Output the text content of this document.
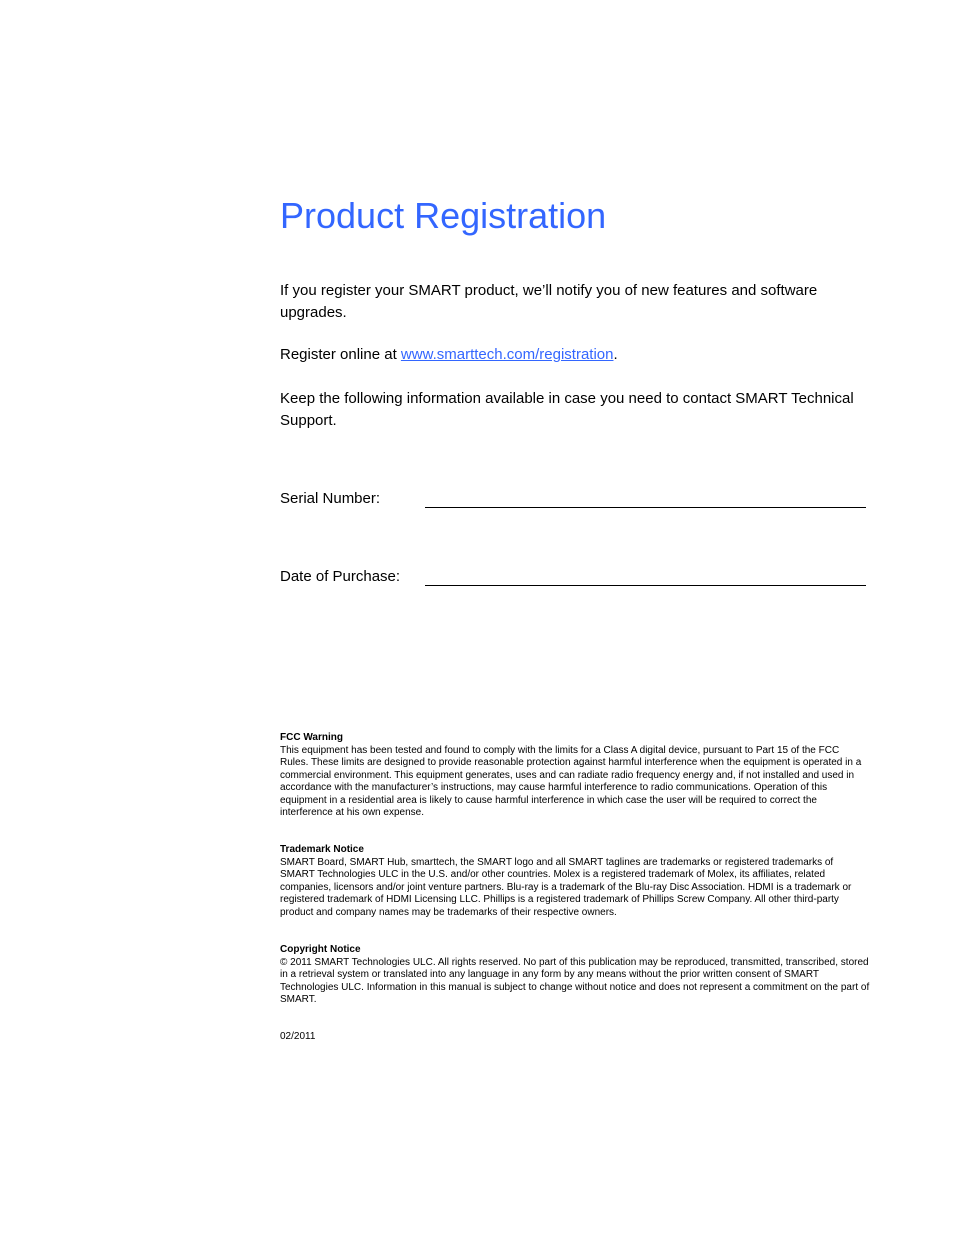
Product Registration

If you register your SMART product, we’ll notify you of new features and software upgrades.

Register online at www.smarttech.com/registration.

Keep the following information available in case you need to contact SMART Technical Support.

Serial Number:
Date of Purchase:

FCC Warning

This equipment has been tested and found to comply with the limits for a Class A digital device, pursuant to Part 15 of the FCC Rules. These limits are designed to provide reasonable protection against harmful interference when the equipment is operated in a commercial environment. This equipment generates, uses and can radiate radio frequency energy and, if not installed and used in accordance with the manufacturer’s instructions, may cause harmful interference to radio communications. Operation of this equipment in a residential area is likely to cause harmful interference in which case the user will be required to correct the interference at his own expense.

Trademark Notice

SMART Board, SMART Hub, smarttech, the SMART logo and all SMART taglines are trademarks or registered trademarks of SMART Technologies ULC in the U.S. and/or other countries. Molex is a registered trademark of Molex, its affiliates, related companies, licensors and/or joint venture partners. Blu-ray is a trademark of the Blu-ray Disc Association. HDMI is a trademark or registered trademark of HDMI Licensing LLC. Phillips is a registered trademark of Phillips Screw Company. All other third-party product and company names may be trademarks of their respective owners.

Copyright Notice

© 2011 SMART Technologies ULC. All rights reserved. No part of this publication may be reproduced, transmitted, transcribed, stored in a retrieval system or translated into any language in any form by any means without the prior written consent of SMART Technologies ULC. Information in this manual is subject to change without notice and does not represent a commitment on the part of SMART.

02/2011
